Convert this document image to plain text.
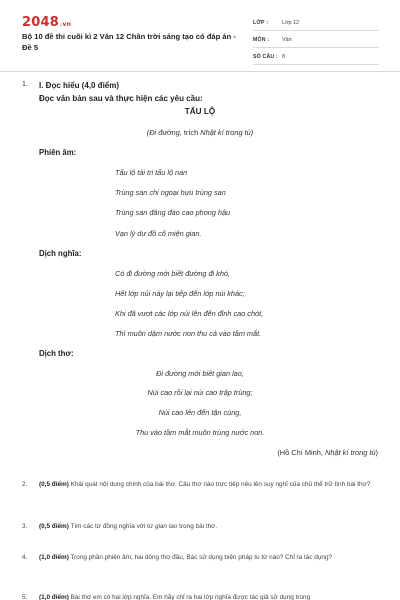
2048.vn
Bộ 10 đề thi cuối kì 2 Văn 12 Chân trời sáng tạo có đáp án - Đề 5
LỚP :	Lớp 12
MÔN :	Văn
SỐ CÂU : 8
1. I. Đọc hiểu (4,0 điểm)
Đọc văn bản sau và thực hiện các yêu cầu:
TẨU LỘ
(Đi đường, trích Nhật kí trong tù)
Phiên âm:
Tẩu lộ tài tri tẩu lộ nan
Trùng san chi ngoại hựu trùng san
Trùng san đăng đáo cao phong hậu
Vạn lý dư đồ cố miện gian.
Dịch nghĩa:
Có đi đường mới biết đường đi khó,
Hết lớp núi này lại tiếp đến lớp núi khác;
Khi đã vượt các lớp núi lên đến đỉnh cao chót,
Thì muôn dặm nước non thu cả vào tầm mắt.
Dịch thơ:
Đi đường mới biết gian lao,
Núi cao rồi lại núi cao trập trùng;
Núi cao lên đến tận cùng,
Thu vào tầm mắt muôn trùng nước non.
(Hồ Chí Minh, Nhật kí trong tù)
2.	(0,5 điểm) Khái quát nội dung chính của bài thơ. Câu thơ nào trực tiếp nêu lên suy nghĩ của chủ thể trữ tình bài thơ?
3.	(0,5 điểm) Tìm các từ đồng nghĩa với từ gian lao trong bài thơ.
4.	(1,0 điểm) Trong phần phiên âm, hai dòng thơ đầu, Bác sử dụng biện pháp tu từ nào? Chỉ ra tác dụng?
5.	(1,0 điểm) Bài thơ em có hai lớp nghĩa. Em hãy chỉ ra hai lớp nghĩa được tác giả sử dụng trong
